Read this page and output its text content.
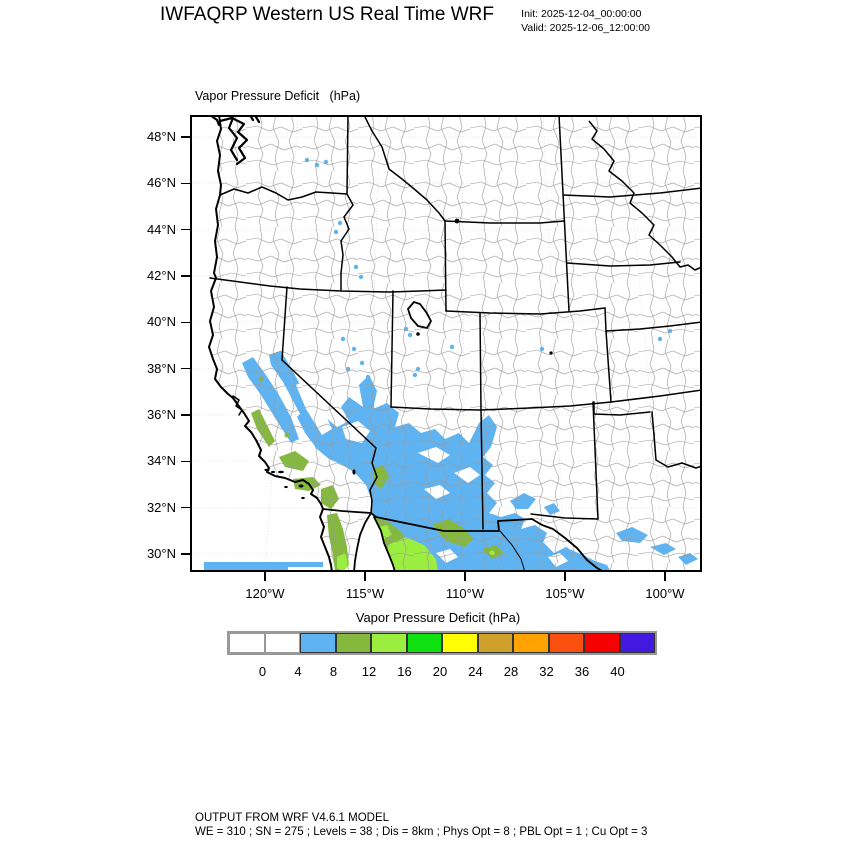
IWFAQRP Western US Real Time WRF	Init: 2025-12-04_00:00:00
Valid: 2025-12-06_12:00:00
Vapor Pressure Deficit   (hPa)
48°N
46°N
44°N
42°N
40°N
38°N
36°N
34°N
32°N
30°N
120°W	115°W	110°W	105°W	100°W
Vapor Pressure Deficit (hPa)
0	4	8	12	16	20	24	28	32	36	40
OUTPUT FROM WRF V4.6.1 MODEL
WE = 310 ; SN = 275 ; Levels = 38 ; Dis = 8km ; Phys Opt = 8 ; PBL Opt = 1 ; Cu Opt = 3
